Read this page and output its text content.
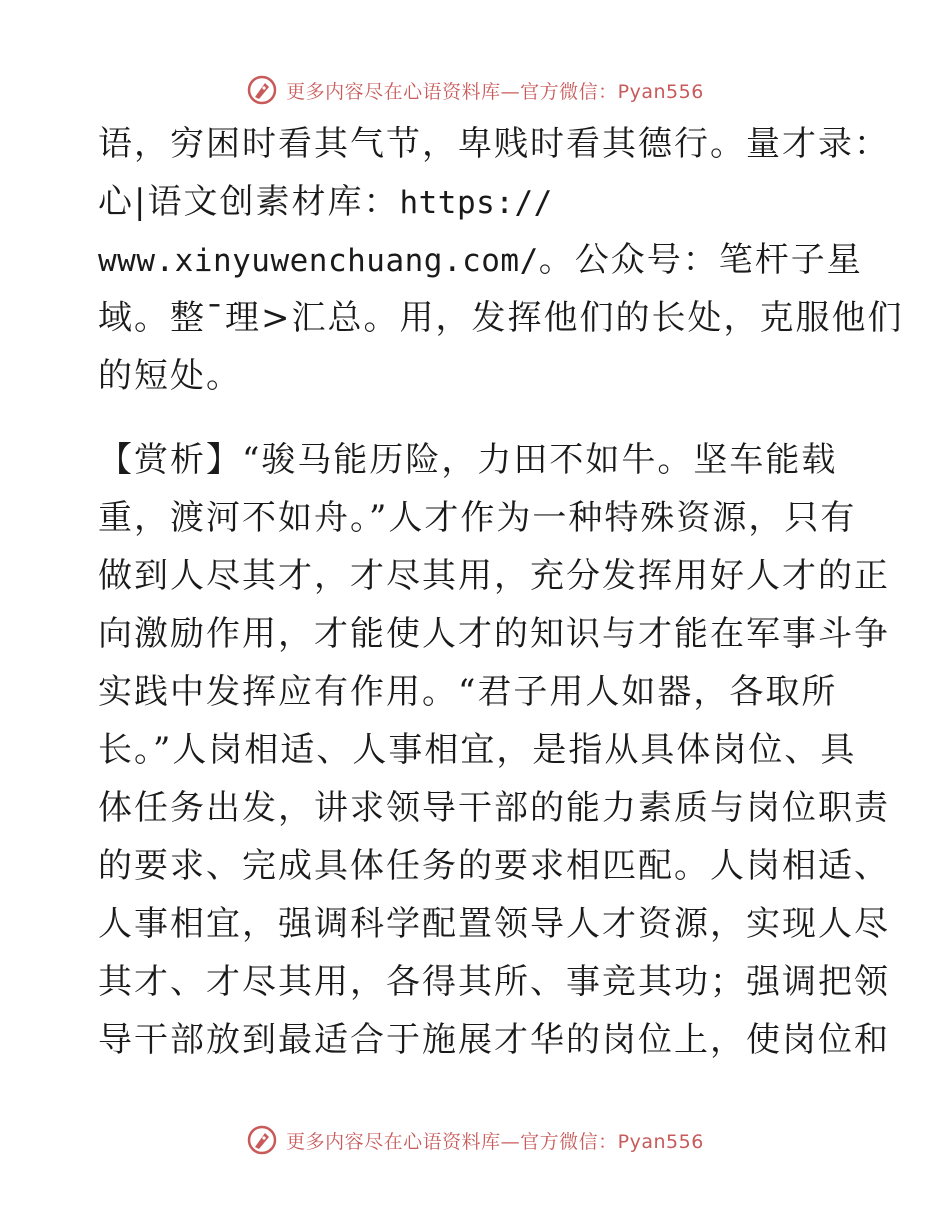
更多内容尽在心语资料库—官方微信：Pyan556
语，穷困时看其气节，卑贱时看其德行。量才录：
心|语文创素材库：https://
www.xinyuwenchuang.com/。公众号：笔杆子星
域。整¯理>汇总。用，发挥他们的长处，克服他们
的短处。
【赏析】“骏马能历险，力田不如牛。坚车能载
重，渡河不如舟。”人才作为一种特殊资源，只有
做到人尽其才，才尽其用，充分发挥用好人才的正
向激励作用，才能使人才的知识与才能在军事斗争
实践中发挥应有作用。“君子用人如器，各取所
长。”人岗相适、人事相宜，是指从具体岗位、具
体任务出发，讲求领导干部的能力素质与岗位职责
的要求、完成具体任务的要求相匹配。人岗相适、
人事相宜，强调科学配置领导人才资源，实现人尽
其才、才尽其用，各得其所、事竞其功；强调把领
导干部放到最适合于施展才华的岗位上，使岗位和
更多内容尽在心语资料库—官方微信：Pyan556
